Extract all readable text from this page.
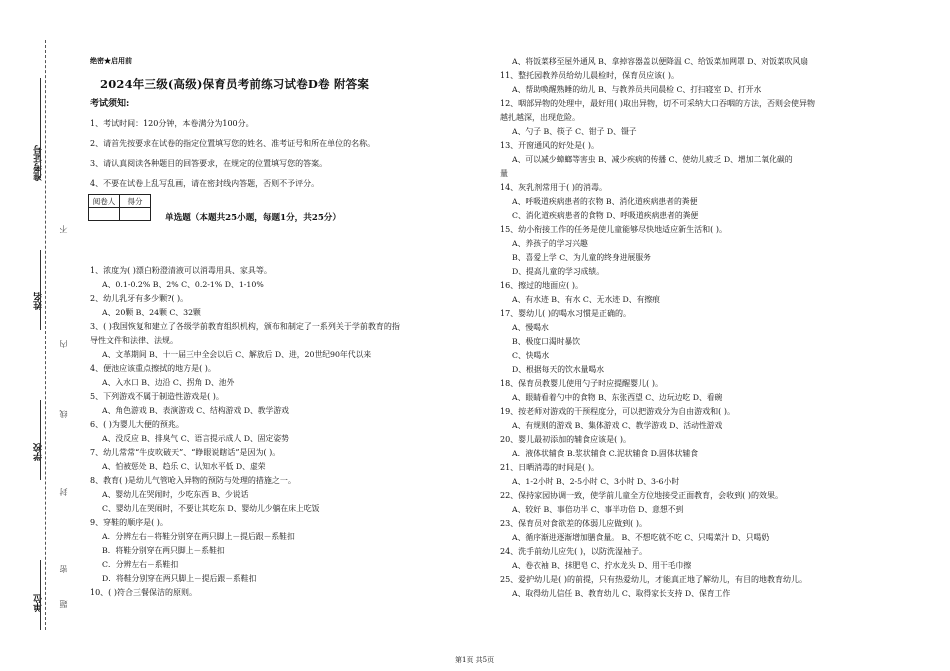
准考证号
姓名
学校
单位
不
内
线
封
密
题
绝密★启用前
2024年三级(高级)保育员考前练习试卷D卷 附答案
考试须知:
1、考试时间：120分钟，本卷满分为100分。
2、请首先按要求在试卷的指定位置填写您的姓名、准考证号和所在单位的名称。
3、请认真阅读各种题目的回答要求，在规定的位置填写您的答案。
4、不要在试卷上乱写乱画，请在密封线内答题，否则不予评分。
阅卷人	得分

单选题（本题共25小题，每题1分，共25分）
1、浓度为( )漂白粉澄清液可以消毒用具、家具等。
A、0.1-0.2% B、2% C、0.2-1% D、1-10%
2、幼儿乳牙有多少颗?( )。
A、20颗 B、24颗 C、32颗
3、( )我国恢复和建立了各级学前教育组织机构，颁布和制定了一系列关于学前教育的指
导性文件和法律、法规。
A、文革期间 B、十一届三中全会以后 C、解放后 D、进，20世纪90年代以来
4、便池应该重点擦拭的地方是( )。
A、入水口 B、边沿 C、拐角 D、池外
5、下列游戏不属于制造性游戏是( )。
A、角色游戏 B、表演游戏 C、结构游戏 D、教学游戏
6、( )为婴儿大便的预兆。
A、没反应 B、排臭气 C、语言提示成人 D、固定姿势
7、幼儿常常“牛皮吹破天”、“睁眼说瞎话”是因为( )。
A、怕被惩处 B、趋乐 C、认知水平低 D、虚荣
8、教育( )是幼儿气管呛入异物的预防与处理的措施之一。
A、婴幼儿在哭闹时，少吃东西 B、少说话
C、婴幼儿在哭闹时，不要让其吃东 D、婴幼儿少躺在床上吃饭
9、穿鞋的顺序是( )。
A．分辨左右－将鞋分别穿在两只脚上－提后跟－系鞋扣
B．将鞋分别穿在两只脚上－系鞋扣
C．分辨左右－系鞋扣
D．将鞋分别穿在两只脚上－提后跟－系鞋扣
10、( )符合三餐保洁的原则。
A、将饭菜移至屋外通风 B、拿掉容器盖以便降温 C、给饭菜加网罩 D、对饭菜吹风扇
11、整托园教养员给幼儿晨检时，保育员应该( )。
A、帮助唤醒熟睡的幼儿 B、与教养员共同晨检 C、打扫寝室 D、打开水
12、咽部异物的处理中，最好用( )取出异物，切不可采纳大口吞咽的方法，否则会使异物
越扎越深，出现危险。
A、勺子 B、筷子 C、钳子 D、镊子
13、开窗通风的好处是( )。
A、可以减少蟑螂等害虫 B、减少疾病的传播 C、使幼儿疲乏 D、增加二氧化碳的
量
14、灰乳剂常用于( )的消毒。
A、呼吸道疾病患者的衣物 B、消化道疾病患者的粪便
C、消化道疾病患者的食物 D、呼吸道疾病患者的粪便
15、幼小衔接工作的任务是使儿童能够尽快地适应新生活和( )。
A、养孩子的学习兴趣
B、喜爱上学 C、为儿童的终身进展服务
D、提高儿童的学习成绩。
16、擦过的地面应( )。
A、有水迹 B、有水 C、无水迹 D、有擦痕
17、婴幼儿( )的喝水习惯是正确的。
A、慢喝水
B、极度口渴时暴饮
C、快喝水
D、根据每天的饮水量喝水
18、保育员教婴儿使用勺子时应提醒婴儿( )。
A、眼睛看着勺中的食物 B、东张西望 C、边玩边吃 D、看碗
19、按老师对游戏的干预程度分，可以把游戏分为自由游戏和( )。
A、有规则的游戏 B、集体游戏 C、教学游戏 D、活动性游戏
20、婴儿最初添加的辅食应该是( )。
A．液体状辅食 B.浆状辅食 C.泥状辅食 D.固体状辅食
21、日晒消毒的时间是( )。
A、1-2小时 B、2-5小时 C、3小时 D、3-6小时
22、保持家园协调一致，使学前儿童全方位地接受正面教育，会收到( )的效果。
A、较好 B、事倍功半 C、事半功倍 D、意想不到
23、保育员对食欲差的体弱儿应做到( )。
A、循序渐进逐渐增加膳食量。 B、不想吃就不吃 C、只喝菜汁 D、只喝奶
24、洗手前幼儿应先( )，以防洗湿袖子。
A、卷衣袖 B、抹肥皂 C、拧水龙头 D、用干毛巾擦
25、爱护幼儿是( )的前提，只有热爱幼儿，才能真正地了解幼儿，有目的地教育幼儿。
A、取得幼儿信任 B、教育幼儿 C、取得家长支持 D、保育工作
第1页 共5页
